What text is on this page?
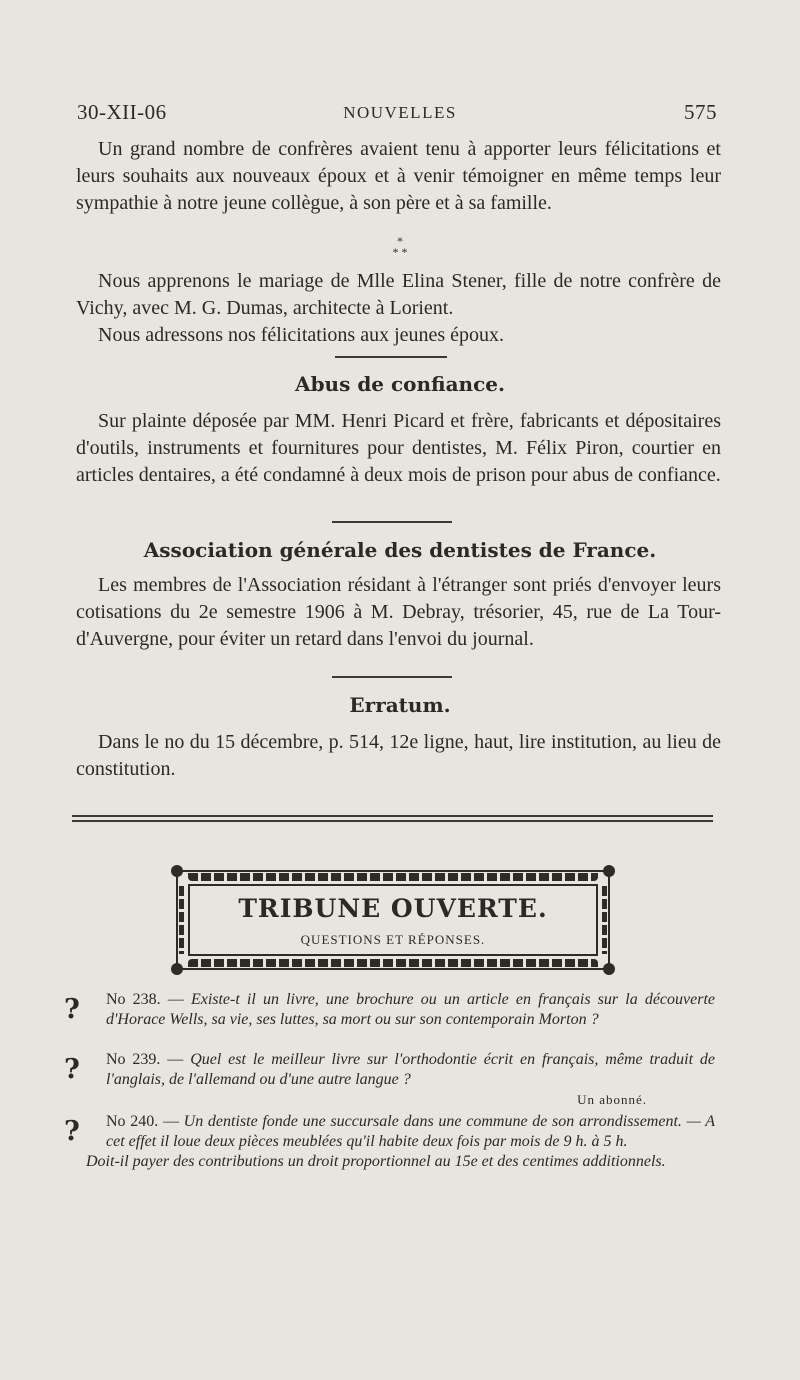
30-XII-06	NOUVELLES	575

Un grand nombre de confrères avaient tenu à apporter leurs félicitations et leurs souhaits aux nouveaux époux et à venir témoigner en même temps leur sympathie à notre jeune collègue, à son père et à sa famille.

*
* *

Nous apprenons le mariage de Mlle Elina Stener, fille de notre confrère de Vichy, avec M. G. Dumas, architecte à Lorient.

Nous adressons nos félicitations aux jeunes époux.

Abus de confiance.

Sur plainte déposée par MM. Henri Picard et frère, fabricants et dépositaires d'outils, instruments et fournitures pour dentistes, M. Félix Piron, courtier en articles dentaires, a été condamné à deux mois de prison pour abus de confiance.

Association générale des dentistes de France.

Les membres de l'Association résidant à l'étranger sont priés d'envoyer leurs cotisations du 2e semestre 1906 à M. Debray, trésorier, 45, rue de La Tour-d'Auvergne, pour éviter un retard dans l'envoi du journal.

Erratum.

Dans le no du 15 décembre, p. 514, 12e ligne, haut, lire institution, au lieu de constitution.

TRIBUNE OUVERTE.
QUESTIONS ET RÉPONSES.
?	No 238. — Existe-t il un livre, une brochure ou un article en français sur la découverte d'Horace Wells, sa vie, ses luttes, sa mort ou sur son contemporain Morton ?

?	No 239. — Quel est le meilleur livre sur l'orthodontie écrit en français, même traduit de l'anglais, de l'allemand ou d'une autre langue ?

Un abonné.

?	No 240. — Un dentiste fonde une succursale dans une commune de son arrondissement. — A cet effet il loue deux pièces meublées qu'il habite deux fois par mois de 9 h. à 5 h.

Doit-il payer des contributions un droit proportionnel au 15e et des centimes additionnels.
